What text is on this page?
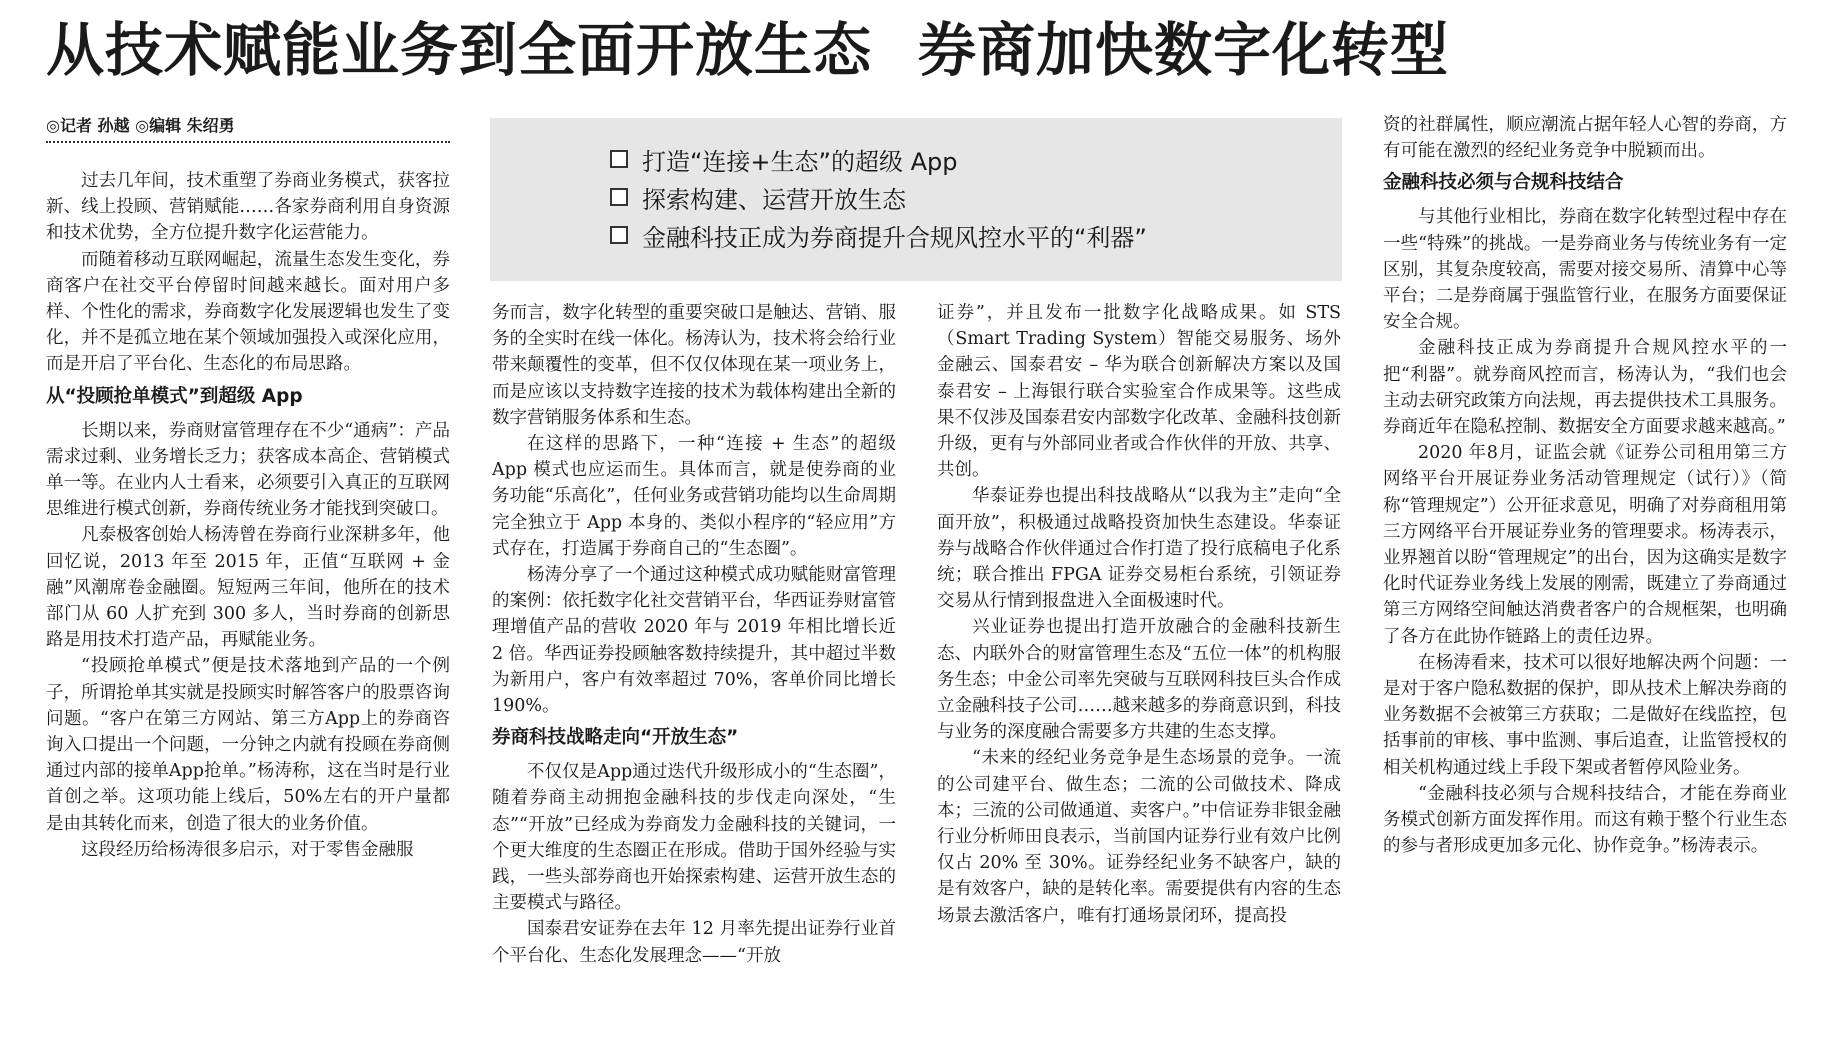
从技术赋能业务到全面开放生态 券商加快数字化转型
◎记者 孙越 ◎编辑 朱绍勇
打造“连接+生态”的超级 App
探索构建、运营开放生态
金融科技正成为券商提升合规风控水平的“利器”

过去几年间，技术重塑了券商业务模式，获客拉新、线上投顾、营销赋能……各家券商利用自身资源和技术优势，全方位提升数字化运营能力。

而随着移动互联网崛起，流量生态发生变化，券商客户在社交平台停留时间越来越长。面对用户多样、个性化的需求，券商数字化发展逻辑也发生了变化，并不是孤立地在某个领域加强投入或深化应用，而是开启了平台化、生态化的布局思路。

从“投顾抢单模式”到超级 App

长期以来，券商财富管理存在不少“通病”：产品需求过剩、业务增长乏力；获客成本高企、营销模式单一等。在业内人士看来，必须要引入真正的互联网思维进行模式创新，券商传统业务才能找到突破口。

凡泰极客创始人杨涛曾在券商行业深耕多年，他回忆说，2013 年至 2015 年，正值“互联网 + 金融”风潮席卷金融圈。短短两三年间，他所在的技术部门从 60 人扩充到 300 多人，当时券商的创新思路是用技术打造产品，再赋能业务。

“投顾抢单模式”便是技术落地到产品的一个例子，所谓抢单其实就是投顾实时解答客户的股票咨询问题。“客户在第三方网站、第三方App上的券商咨询入口提出一个问题，一分钟之内就有投顾在券商侧通过内部的接单App抢单。”杨涛称，这在当时是行业首创之举。这项功能上线后，50%左右的开户量都是由其转化而来，创造了很大的业务价值。

这段经历给杨涛很多启示，对于零售金融服

务而言，数字化转型的重要突破口是触达、营销、服务的全实时在线一体化。杨涛认为，技术将会给行业带来颠覆性的变革，但不仅仅体现在某一项业务上，而是应该以支持数字连接的技术为载体构建出全新的数字营销服务体系和生态。

在这样的思路下，一种“连接 + 生态”的超级 App 模式也应运而生。具体而言，就是使券商的业务功能“乐高化”，任何业务或营销功能均以生命周期完全独立于 App 本身的、类似小程序的“轻应用”方式存在，打造属于券商自己的“生态圈”。

杨涛分享了一个通过这种模式成功赋能财富管理的案例：依托数字化社交营销平台，华西证券财富管理增值产品的营收 2020 年与 2019 年相比增长近 2 倍。华西证券投顾触客数持续提升，其中超过半数为新用户，客户有效率超过 70%，客单价同比增长 190%。

券商科技战略走向“开放生态”

不仅仅是App通过迭代升级形成小的“生态圈”，随着券商主动拥抱金融科技的步伐走向深处，“生态”“开放”已经成为券商发力金融科技的关键词，一个更大维度的生态圈正在形成。借助于国外经验与实践，一些头部券商也开始探索构建、运营开放生态的主要模式与路径。

国泰君安证券在去年 12 月率先提出证券行业首个平台化、生态化发展理念——“开放

证券”，并且发布一批数字化战略成果。如 STS（Smart Trading System）智能交易服务、场外金融云、国泰君安 – 华为联合创新解决方案以及国泰君安 – 上海银行联合实验室合作成果等。这些成果不仅涉及国泰君安内部数字化改革、金融科技创新升级，更有与外部同业者或合作伙伴的开放、共享、共创。

华泰证券也提出科技战略从“以我为主”走向“全面开放”，积极通过战略投资加快生态建设。华泰证券与战略合作伙伴通过合作打造了投行底稿电子化系统；联合推出 FPGA 证券交易柜台系统，引领证券交易从行情到报盘进入全面极速时代。

兴业证券也提出打造开放融合的金融科技新生态、内联外合的财富管理生态及“五位一体”的机构服务生态；中金公司率先突破与互联网科技巨头合作成立金融科技子公司……越来越多的券商意识到，科技与业务的深度融合需要多方共建的生态支撑。

“未来的经纪业务竞争是生态场景的竞争。一流的公司建平台、做生态；二流的公司做技术、降成本；三流的公司做通道、卖客户。”中信证券非银金融行业分析师田良表示，当前国内证券行业有效户比例仅占 20% 至 30%。证券经纪业务不缺客户，缺的是有效客户，缺的是转化率。需要提供有内容的生态场景去激活客户，唯有打通场景闭环，提高投

资的社群属性，顺应潮流占据年轻人心智的券商，方有可能在激烈的经纪业务竞争中脱颖而出。

金融科技必须与合规科技结合

与其他行业相比，券商在数字化转型过程中存在一些“特殊”的挑战。一是券商业务与传统业务有一定区别，其复杂度较高，需要对接交易所、清算中心等平台；二是券商属于强监管行业，在服务方面要保证安全合规。

金融科技正成为券商提升合规风控水平的一把“利器”。就券商风控而言，杨涛认为，“我们也会主动去研究政策方向法规，再去提供技术工具服务。券商近年在隐私控制、数据安全方面要求越来越高。”

2020 年8月，证监会就《证券公司租用第三方网络平台开展证券业务活动管理规定（试行）》（简称“管理规定”）公开征求意见，明确了对券商租用第三方网络平台开展证券业务的管理要求。杨涛表示，业界翘首以盼“管理规定”的出台，因为这确实是数字化时代证券业务线上发展的刚需，既建立了券商通过第三方网络空间触达消费者客户的合规框架，也明确了各方在此协作链路上的责任边界。

在杨涛看来，技术可以很好地解决两个问题：一是对于客户隐私数据的保护，即从技术上解决券商的业务数据不会被第三方获取；二是做好在线监控，包括事前的审核、事中监测、事后追查，让监管授权的相关机构通过线上手段下架或者暂停风险业务。

“金融科技必须与合规科技结合，才能在券商业务模式创新方面发挥作用。而这有赖于整个行业生态的参与者形成更加多元化、协作竞争。”杨涛表示。
